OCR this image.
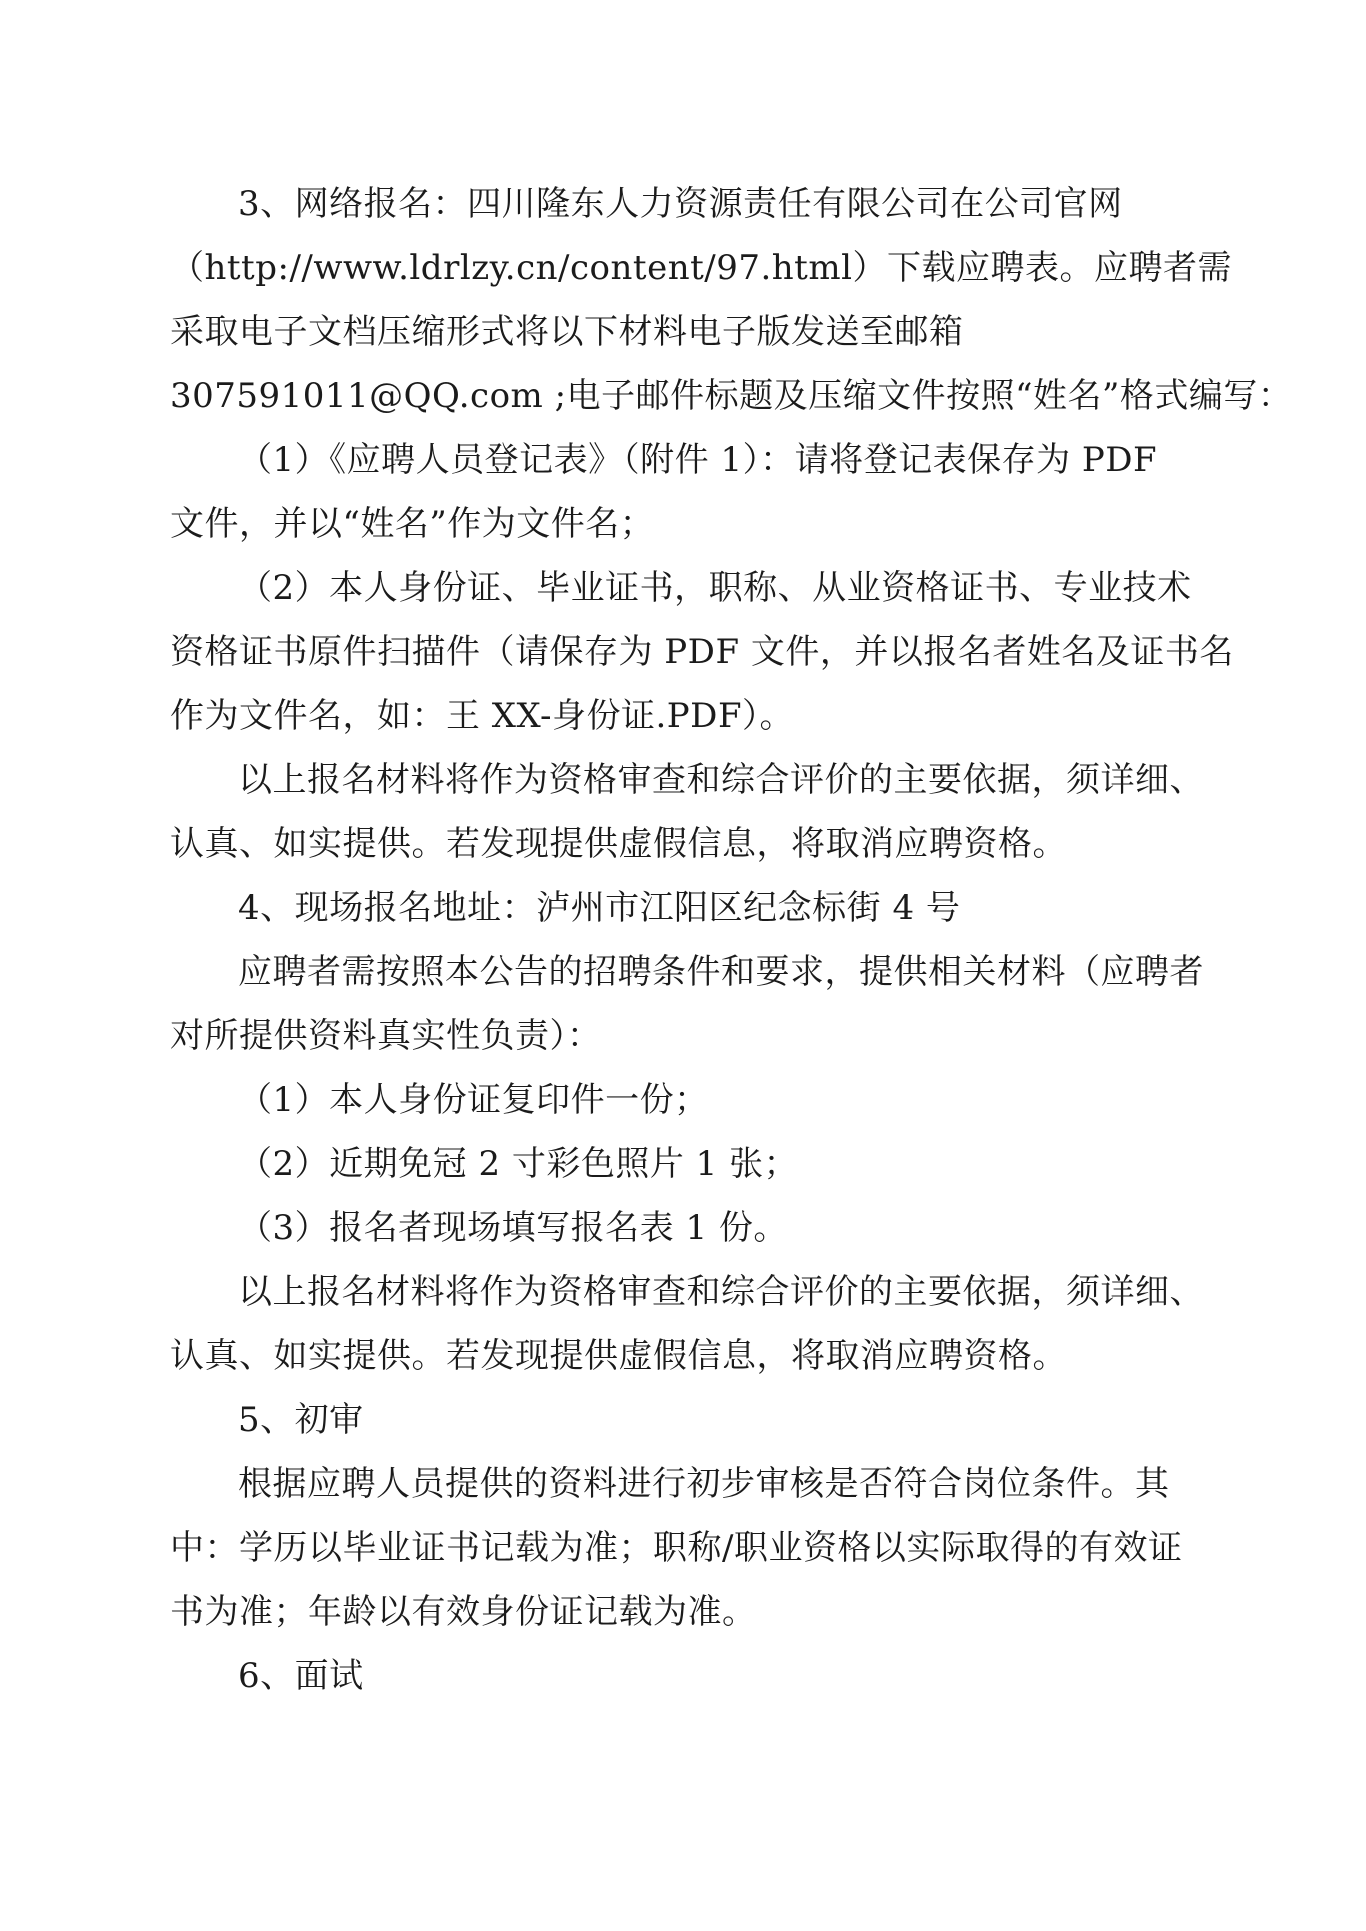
3、网络报名：四川隆东人力资源责任有限公司在公司官网
（http://www.ldrlzy.cn/content/97.html）下载应聘表。应聘者需
采取电子文档压缩形式将以下材料电子版发送至邮箱
307591011@QQ.com ;电子邮件标题及压缩文件按照“姓名”格式编写：
（1）《应聘人员登记表》（附件 1）：请将登记表保存为 PDF
文件，并以“姓名”作为文件名；
（2）本人身份证、毕业证书，职称、从业资格证书、专业技术
资格证书原件扫描件（请保存为 PDF 文件，并以报名者姓名及证书名
作为文件名，如：王 XX-身份证.PDF）。
以上报名材料将作为资格审查和综合评价的主要依据，须详细、
认真、如实提供。若发现提供虚假信息，将取消应聘资格。
4、现场报名地址：泸州市江阳区纪念标街 4 号
应聘者需按照本公告的招聘条件和要求，提供相关材料（应聘者
对所提供资料真实性负责）：
（1）本人身份证复印件一份；
（2）近期免冠 2 寸彩色照片 1 张；
（3）报名者现场填写报名表 1 份。
以上报名材料将作为资格审查和综合评价的主要依据，须详细、
认真、如实提供。若发现提供虚假信息，将取消应聘资格。
5、初审
根据应聘人员提供的资料进行初步审核是否符合岗位条件。其
中：学历以毕业证书记载为准；职称/职业资格以实际取得的有效证
书为准；年龄以有效身份证记载为准。
6、面试
